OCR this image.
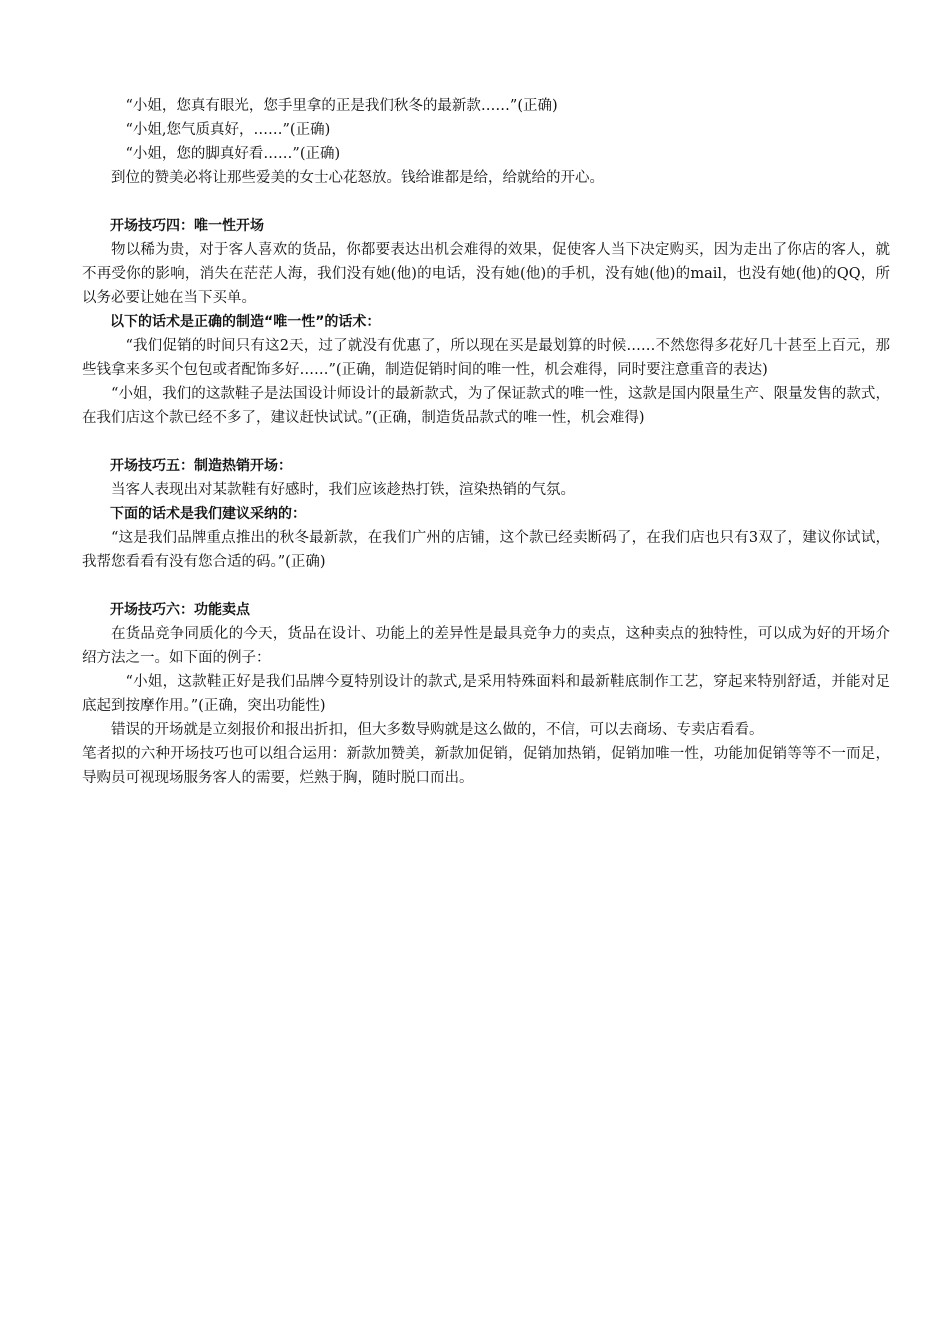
“小姐，您真有眼光，您手里拿的正是我们秋冬的最新款……”(正确)
“小姐,您气质真好，……”(正确)
“小姐，您的脚真好看……”(正确)
到位的赞美必将让那些爱美的女士心花怒放。钱给谁都是给，给就给的开心。
开场技巧四：唯一性开场
物以稀为贵，对于客人喜欢的货品，你都要表达出机会难得的效果，促使客人当下决定购买，因为走出了你店的客人，就不再受你的影响，消失在茫茫人海，我们没有她(他)的电话，没有她(他)的手机，没有她(他)的mail，也没有她(他)的QQ，所以务必要让她在当下买单。
以下的话术是正确的制造“唯一性”的话术：
“我们促销的时间只有这2天，过了就没有优惠了，所以现在买是最划算的时候……不然您得多花好几十甚至上百元，那些钱拿来多买个包包或者配饰多好……”(正确，制造促销时间的唯一性，机会难得，同时要注意重音的表达)
“小姐，我们的这款鞋子是法国设计师设计的最新款式，为了保证款式的唯一性，这款是国内限量生产、限量发售的款式，在我们店这个款已经不多了，建议赶快试试。”(正确，制造货品款式的唯一性，机会难得)
开场技巧五：制造热销开场：
当客人表现出对某款鞋有好感时，我们应该趁热打铁，渲染热销的气氛。
下面的话术是我们建议采纳的：
“这是我们品牌重点推出的秋冬最新款，在我们广州的店铺，这个款已经卖断码了，在我们店也只有3双了，建议你试试，我帮您看看有没有您合适的码。”(正确)
开场技巧六：功能卖点
在货品竞争同质化的今天，货品在设计、功能上的差异性是最具竞争力的卖点，这种卖点的独特性，可以成为好的开场介绍方法之一。如下面的例子：
“小姐，这款鞋正好是我们品牌今夏特别设计的款式,是采用特殊面料和最新鞋底制作工艺，穿起来特别舒适，并能对足底起到按摩作用。”(正确，突出功能性)
错误的开场就是立刻报价和报出折扣，但大多数导购就是这么做的，不信，可以去商场、专卖店看看。
笔者拟的六种开场技巧也可以组合运用：新款加赞美，新款加促销，促销加热销，促销加唯一性，功能加促销等等不一而足，导购员可视现场服务客人的需要，烂熟于胸，随时脱口而出。
